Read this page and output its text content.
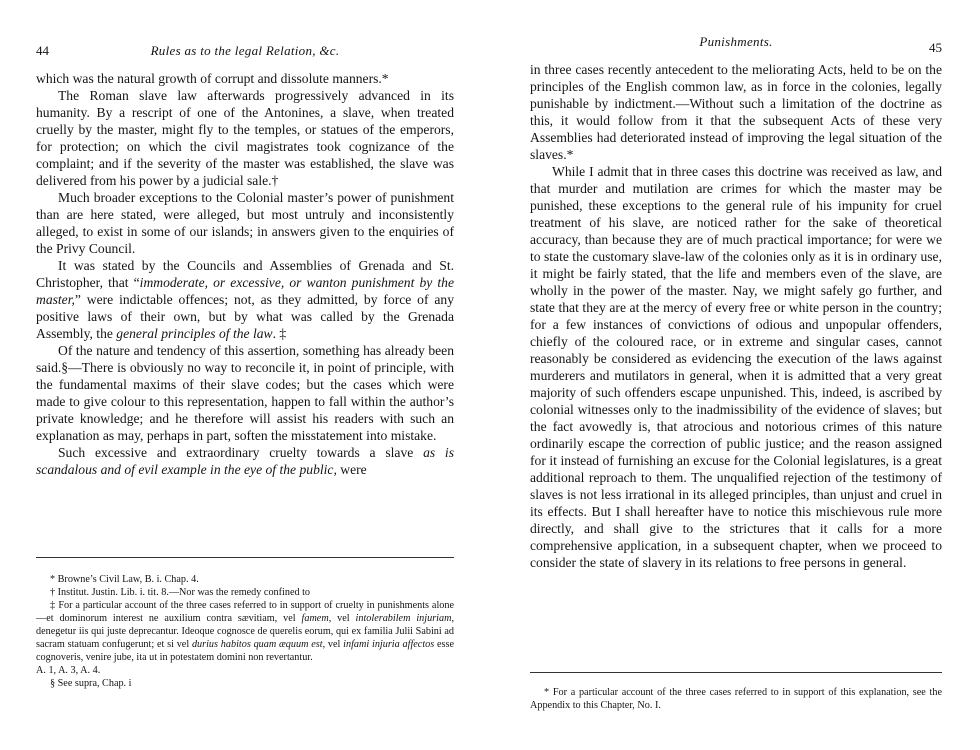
44	Rules as to the legal Relation, &c.

which was the natural growth of corrupt and dissolute manners.*

The Roman slave law afterwards progressively advanced in its humanity. By a rescript of one of the Antonines, a slave, when treated cruelly by the master, might fly to the temples, or statues of the emperors, for protection; on which the civil magistrates took cognizance of the complaint; and if the severity of the master was established, the slave was delivered from his power by a judicial sale.†

Much broader exceptions to the Colonial master’s power of punishment than are here stated, were alleged, but most untruly and inconsistently alleged, to exist in some of our islands; in answers given to the enquiries of the Privy Council.

It was stated by the Councils and Assemblies of Grenada and St. Christopher, that “immoderate, or excessive, or wanton punishment by the master,” were indictable offences; not, as they admitted, by force of any positive laws of their own, but by what was called by the Grenada Assembly, the general principles of the law. ‡

Of the nature and tendency of this assertion, something has already been said.§—There is obviously no way to reconcile it, in point of principle, with the fundamental maxims of their slave codes; but the cases which were made to give colour to this representation, happen to fall within the author’s private knowledge; and he therefore will assist his readers with such an explanation as may, perhaps in part, soften the misstatement into mistake.

Such excessive and extraordinary cruelty towards a slave as is scandalous and of evil example in the eye of the public, were

* Browne’s Civil Law, B. i. Chap. 4.

† Institut. Justin. Lib. i. tit. 8.—Nor was the remedy confined to

‡ For a particular account of the three cases referred to in support of cruelty in punishments alone—et dominorum interest ne auxilium contra sævitiam, vel famem, vel intolerabilem injuriam, denegetur iis qui juste deprecantur. Ideoque cognosce de querelis eorum, qui ex familia Julii Sabini ad sacram statuam confugerunt; et si vel durius habitos quam æquum est, vel infami injuria affectos esse cognoveris, venire jube, ita ut in potestatem domini non revertantur.

A. 1, A. 3, A. 4.

§ See supra, Chap. i

Punishments.	45

in three cases recently antecedent to the meliorating Acts, held to be on the principles of the English common law, as in force in the colonies, legally punishable by indictment.—Without such a limitation of the doctrine as this, it would follow from it that the subsequent Acts of these very Assemblies had deteriorated instead of improving the legal situation of the slaves.*

While I admit that in three cases this doctrine was received as law, and that murder and mutilation are crimes for which the master may be punished, these exceptions to the general rule of his impunity for cruel treatment of his slave, are noticed rather for the sake of theoretical accuracy, than because they are of much practical importance; for were we to state the customary slave-law of the colonies only as it is in ordinary use, it might be fairly stated, that the life and members even of the slave, are wholly in the power of the master. Nay, we might safely go further, and state that they are at the mercy of every free or white person in the country; for a few instances of convictions of odious and unpopular offenders, chiefly of the coloured race, or in extreme and singular cases, cannot reasonably be considered as evidencing the execution of the laws against murderers and mutilators in general, when it is admitted that a very great majority of such offenders escape unpunished. This, indeed, is ascribed by colonial witnesses only to the inadmissibility of the evidence of slaves; but the fact avowedly is, that atrocious and notorious crimes of this nature ordinarily escape the correction of public justice; and the reason assigned for it instead of furnishing an excuse for the Colonial legislatures, is a great additional reproach to them. The unqualified rejection of the testimony of slaves is not less irrational in its alleged principles, than unjust and cruel in its effects. But I shall hereafter have to notice this mischievous rule more directly, and shall give to the strictures that it calls for a more comprehensive application, in a subsequent chapter, when we proceed to consider the state of slavery in its relations to free persons in general.

* For a particular account of the three cases referred to in support of this explanation, see the Appendix to this Chapter, No. I.
